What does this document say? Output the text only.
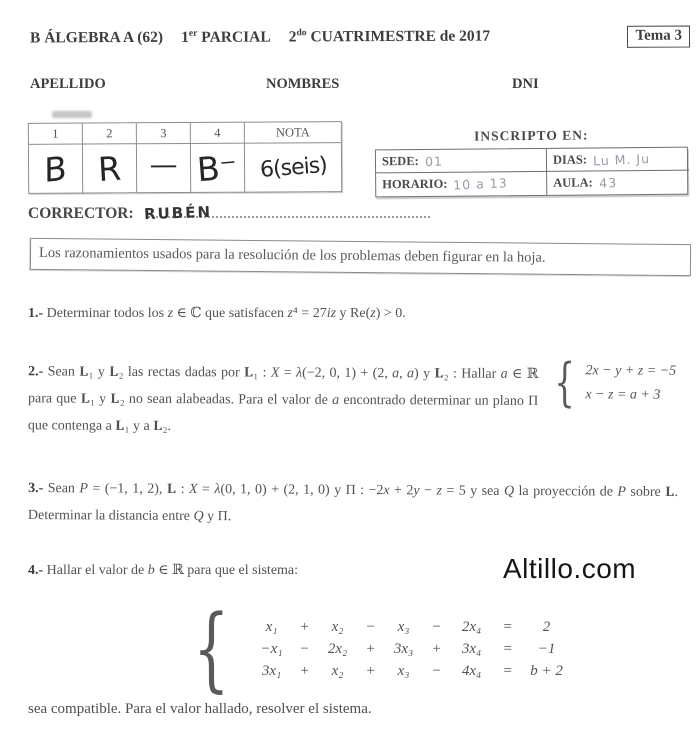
B ÁLGEBRA A (62) 1er PARCIAL $2^{do}$ CUATRIMESTRE de 2017	Tema 3
APELLIDO	NOMBRES	DNI
1	2	3	4	NOTA
B R — B⁻ 6(seis)
INSCRIPTO EN:
SEDE: 01	DIAS: Lu M. Ju
HORARIO: 10 a 13	AULA: 43
CORRECTOR: RUBÉN
Los razonamientos usados para la resolución de los problemas deben figurar en la hoja.
1.- Determinar todos los z ∈ ℂ que satisfacen z⁴ = 27iz y Re(z) > 0.
{ 2x − y + z = −5
x − z = a + 3
2.- Sean L₁ y L₂ las rectas dadas por L₁ : X = λ(−2, 0, 1) + (2, a, a) y L₂ : Hallar a ∈ ℝ para que L₁ y L₂ no sean alabeadas. Para el valor de a encontrado determinar un plano Π que contenga a L₁ y a L₂.
3.- Sean P = (−1, 1, 2), L : X = λ(0, 1, 0) + (2, 1, 0) y Π : −2x + 2y − z = 5 y sea Q la proyección de P sobre L. Determinar la distancia entre Q y Π.
4.- Hallar el valor de b ∈ ℝ para que el sistema:	Altillo.com
{	x₁	+	x₂	−	x₃	−	2x₄	=	2
−x₁	−	2x₂	+	3x₃	+	3x₄	=	−1
3x₁	+	x₂	+	x₃	−	4x₄	=	b + 2
sea compatible. Para el valor hallado, resolver el sistema.
